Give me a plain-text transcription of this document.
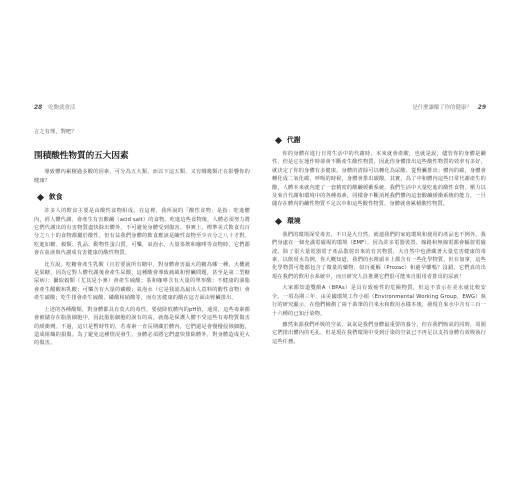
28 吃飽就會活

言之有理，對吧？

围積酸性物質的五大因素

導致體內累積過多酸的因素，可分為五大類，而以下這五類，又有哪幾類正在影響你的健康？

飲食

許多人的飲食主要是由酸性食物組成。在這裡，我所說的「酸性食物」是指：吃進體內，經人體代謝、會產生有害酸鹼（acid salt）的食物。吃進這些食物後，人體必須努力將它們代謝出的有害物質盡快除出體外，不可避免身體受到傷害。事實上，標準美式飲食有百分之八十的食物都屬於酸性，但有益我們身體的飲食應該是鹼性食物至少百分之八十才對。吃進如糖、穀類、乳品、動物性蛋白質，可樂，氣泡水，大量茶飲和咖啡等食物時，它們都會在血液與代謝成有害健康的酸性物質。

比方說，吃糖會產生乳酸（且若要說所有糖中，對身體會害最大的糖為哪一種，大概就是果糖，因為它對人體代謝後會產生尿酸，這種酸會導致痛風和腎臟問題，甚至是第二型糖尿病）；攝取穀類（尤其是小麥）會產生硫酸；茶和咖啡含有大量的單寧酸；不健康的油脂會產生醋酸和乳酸；可樂含有大量的磷酸；氣泡水（它是我認為最出人意料的酸性食物）會產生碳酸；吃牛排會產生硫酸、磷酸和硝酸等，而有害健康的酸在這方面由腎臟排出。

上述的各種酸類，對身體都具有莫大的毒性，要使降低體內的pH值，通常，這些毒素都會被儲存在脂肪細胞中，因此脂肪細胞的淚有的高，就傷是保護人體不受這些有毒物質傷害的緩衝劑。不過，這只是暫時性的，若毒素一直長期藏於體內，它們還是會慢慢侵蝕細胞，造成組織的損傷。為了避免這種情況發生，身體必須將它們盡快排除體外，對身體造成更大的傷害。

是什麼讓酸了你的健康？ 29
代謝

你的身體在進行日常生活中的代謝時，本來就會產酸，也就是說，儘管你的身體是鹼性，但是它在運作時卻會不斷產生酸性物質，因此你身體排出這些酸性物質的效率有多好，就決定了你的身體有多健康。身體的清除可以轉化為尿酸、從腎臟排出；體內的碳，身體會轉化成二氧化碳，呼吸的時候，身體會排出碳酸。其實，為了中和體內這些日常代謝產生的酸，人體本來就內建了一套精密的酸鹼緩衝系統。我們生活中大量吃進的酸性食物，壓力以及來自代謝和環境中的各種毒素，同樣會不斷消耗我們體內這套酸鹼緩衝系統的能力，一旦儲存在體內的鹼性物質不足以中和這些酸性物質，身體就會累積酸性物質。

環境

我們的環境深受毒害，不只是大自然，就連我們的家庭環境和使用的產品也不例外。我們身處在一個充滿電磁場的環境（EMF），因為許多電器裝置、線路和無線電都會輻射電磁波，除了很大量電器電子產品散射出來的有害物質，大自然中也潛藏著大量危害健康的毒素，以飲用水為例，你大概知道，我們的水裡頭本上都含有一些化學物質，但在加拿，這些化學物質可能都包含了微量的藥物，如百憂解（Prozac）和避孕藥嗎？沒錯，它們真的出現在我們的飲用水系統中，而且研究人員推測它們很可能來自服用者排出的尿液！

大家都知道雙酚A（BPAs）是具有致癌性的危險物質，但這不表示在美水就比較安全。一項為期三年、由美國環境工作小組（Environmental Working Group，EWG）執行的研究顯示，在他們檢測了兩千萬筆的自來水和飲用水樣本後，發現自來水中含有三百一十六種的已知汙染物。

雖然來源我們呼吸的空氣，氣氣是我們身體最重要的養分，但在我們吸氣的同時，周圍它們排出體內的毛孔，但是現在我們環境中受到汙染的空氣已不再足以支持身體有效吸執行這些任務。
